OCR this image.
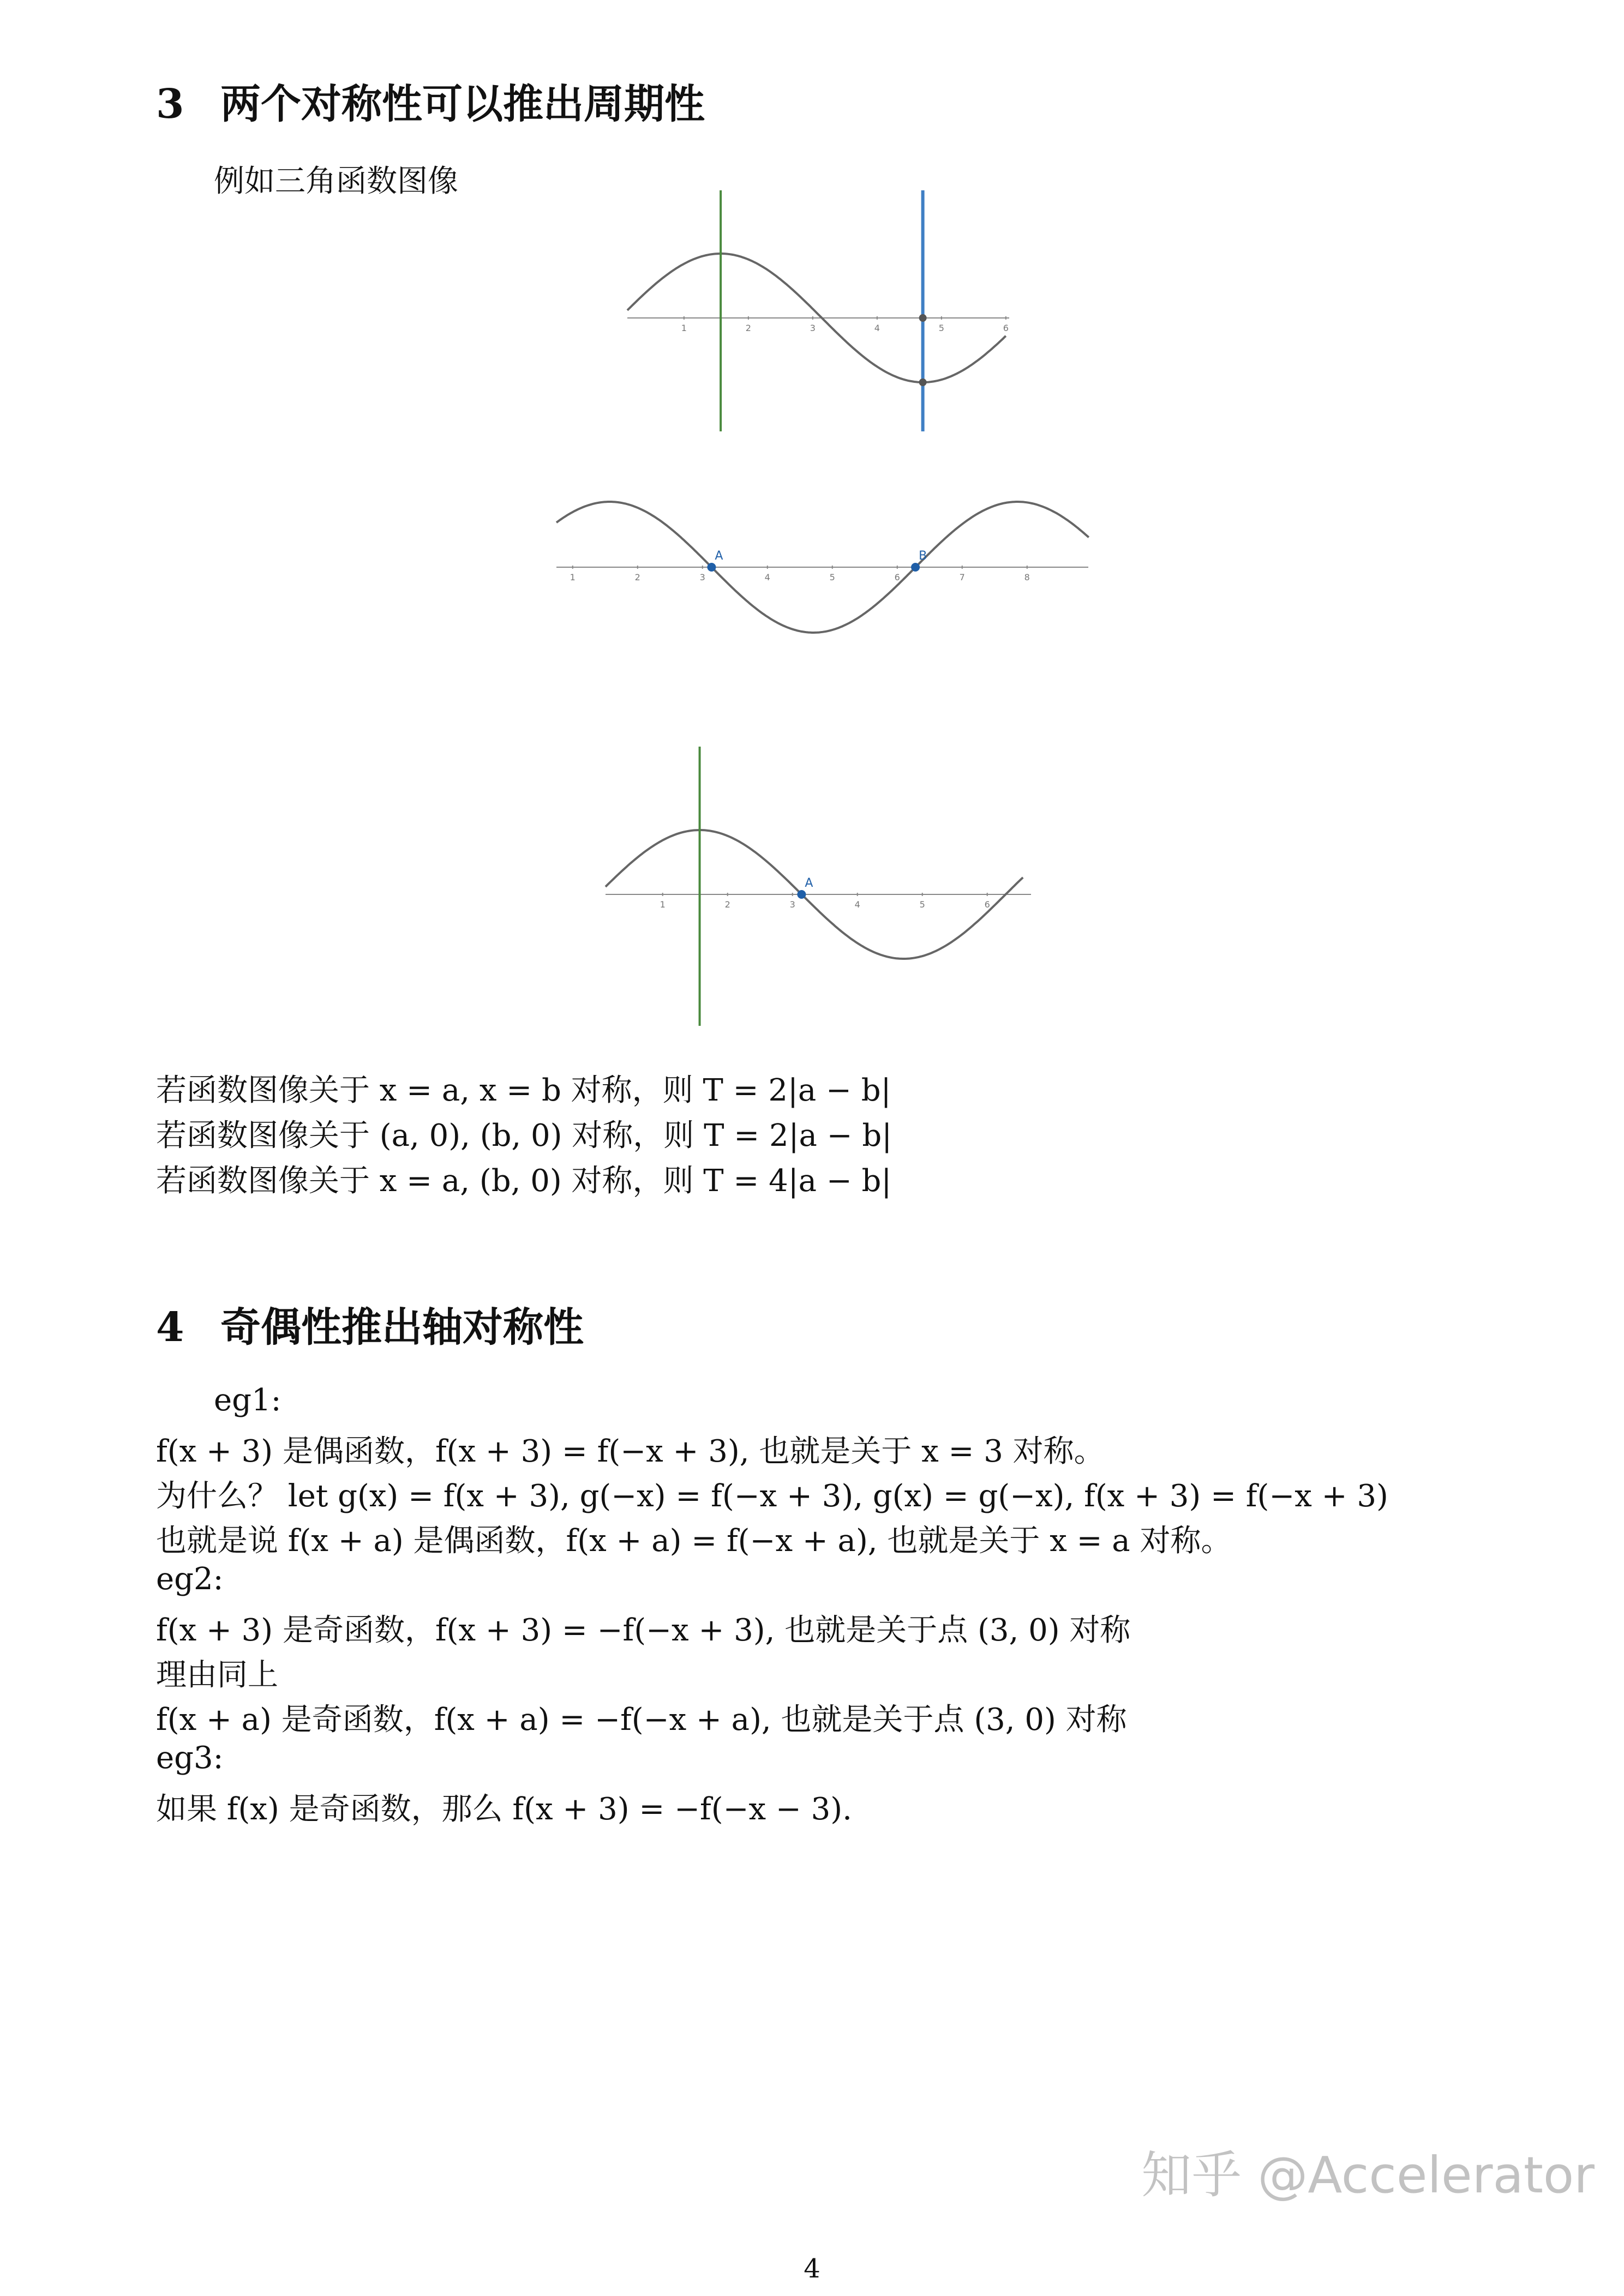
3 两个对称性可以推出周期性
例如三角函数图像
1	2	3	4	5	6
1	2	3	4	5	6	7	8
A	B
1	2	3	4	5	6
A
若函数图像关于 x = a, x = b 对称，则 T = 2|a − b|
若函数图像关于 (a, 0), (b, 0) 对称，则 T = 2|a − b|
若函数图像关于 x = a, (b, 0) 对称，则 T = 4|a − b|
4 奇偶性推出轴对称性
eg1:
f(x + 3) 是偶函数，f(x + 3) = f(−x + 3), 也就是关于 x = 3 对称。
为什么？ let g(x) = f(x + 3), g(−x) = f(−x + 3), g(x) = g(−x), f(x + 3) = f(−x + 3)
也就是说 f(x + a) 是偶函数，f(x + a) = f(−x + a), 也就是关于 x = a 对称。
eg2:
f(x + 3) 是奇函数，f(x + 3) = −f(−x + 3), 也就是关于点 (3, 0) 对称
理由同上
f(x + a) 是奇函数，f(x + a) = −f(−x + a), 也就是关于点 (3, 0) 对称
eg3:
如果 f(x) 是奇函数，那么 f(x + 3) = −f(−x − 3).
4
知乎 @Accelerator
